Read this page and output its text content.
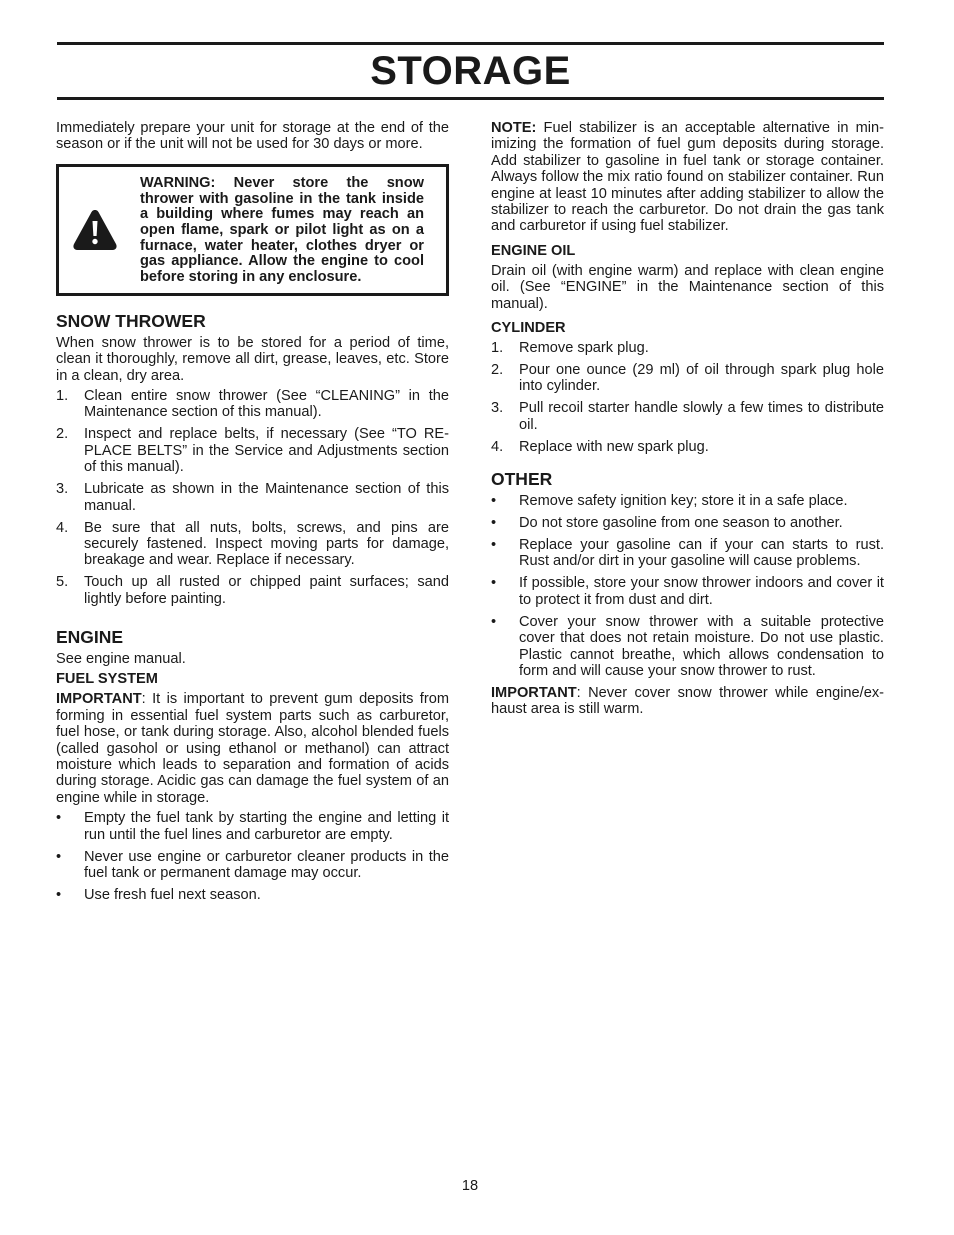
STORAGE

Immediately prepare your unit for storage at the end of the season or if the unit will not be used for 30 days or more.

WARNING: Never store the snow thrower with gasoline in the tank inside a building where fumes may reach an open flame, spark or pilot light as on a furnace, water heater, clothes dryer or gas appliance. Allow the engine to cool before storing in any enclosure.
SNOW THROWER

When snow thrower is to be stored for a period of time, clean it thoroughly, remove all dirt, grease, leaves, etc. Store in a clean, dry area.

1. Clean entire snow thrower (See “CLEANING” in the Maintenance section of this manual).
2. Inspect and replace belts, if necessary (See “TO RE-PLACE BELTS” in the Service and Adjustments section of this manual).
3. Lubricate as shown in the Maintenance section of this manual.
4. Be sure that all nuts, bolts, screws, and pins are securely fastened. Inspect moving parts for damage, breakage and wear. Replace if necessary.
5. Touch up all rusted or chipped paint surfaces; sand lightly before painting.
ENGINE

See engine manual.

FUEL SYSTEM

IMPORTANT: It is important to prevent gum deposits from forming in essential fuel system parts such as carburetor, fuel hose, or tank during storage. Also, alcohol blended fuels (called gasohol or using ethanol or methanol) can attract moisture which leads to separation and formation of acids during storage. Acidic gas can damage the fuel system of an engine while in storage.

• Empty the fuel tank by starting the engine and letting it run until the fuel lines and carburetor are empty.
• Never use engine or carburetor cleaner products in the fuel tank or permanent damage may occur.
• Use fresh fuel next season.

NOTE: Fuel stabilizer is an acceptable alternative in min-imizing the formation of fuel gum deposits during storage. Add stabilizer to gasoline in fuel tank or storage container. Always follow the mix ratio found on stabilizer container. Run engine at least 10 minutes after adding stabilizer to allow the stabilizer to reach the carburetor. Do not drain the gas tank and carburetor if using fuel stabilizer.

ENGINE OIL

Drain oil (with engine warm) and replace with clean engine oil. (See “ENGINE” in the Maintenance section of this manual).

CYLINDER
1. Remove spark plug.
2. Pour one ounce (29 ml) of oil through spark plug hole into cylinder.
3. Pull recoil starter handle slowly a few times to distribute oil.
4. Replace with new spark plug.
OTHER
• Remove safety ignition key; store it in a safe place.
• Do not store gasoline from one season to another.
• Replace your gasoline can if your can starts to rust. Rust and/or dirt in your gasoline will cause problems.
• If possible, store your snow thrower indoors and cover it to protect it from dust and dirt.
• Cover your snow thrower with a suitable protective cover that does not retain moisture. Do not use plastic. Plastic cannot breathe, which allows condensation to form and will cause your snow thrower to rust.

IMPORTANT: Never cover snow thrower while engine/ex-haust area is still warm.

18
